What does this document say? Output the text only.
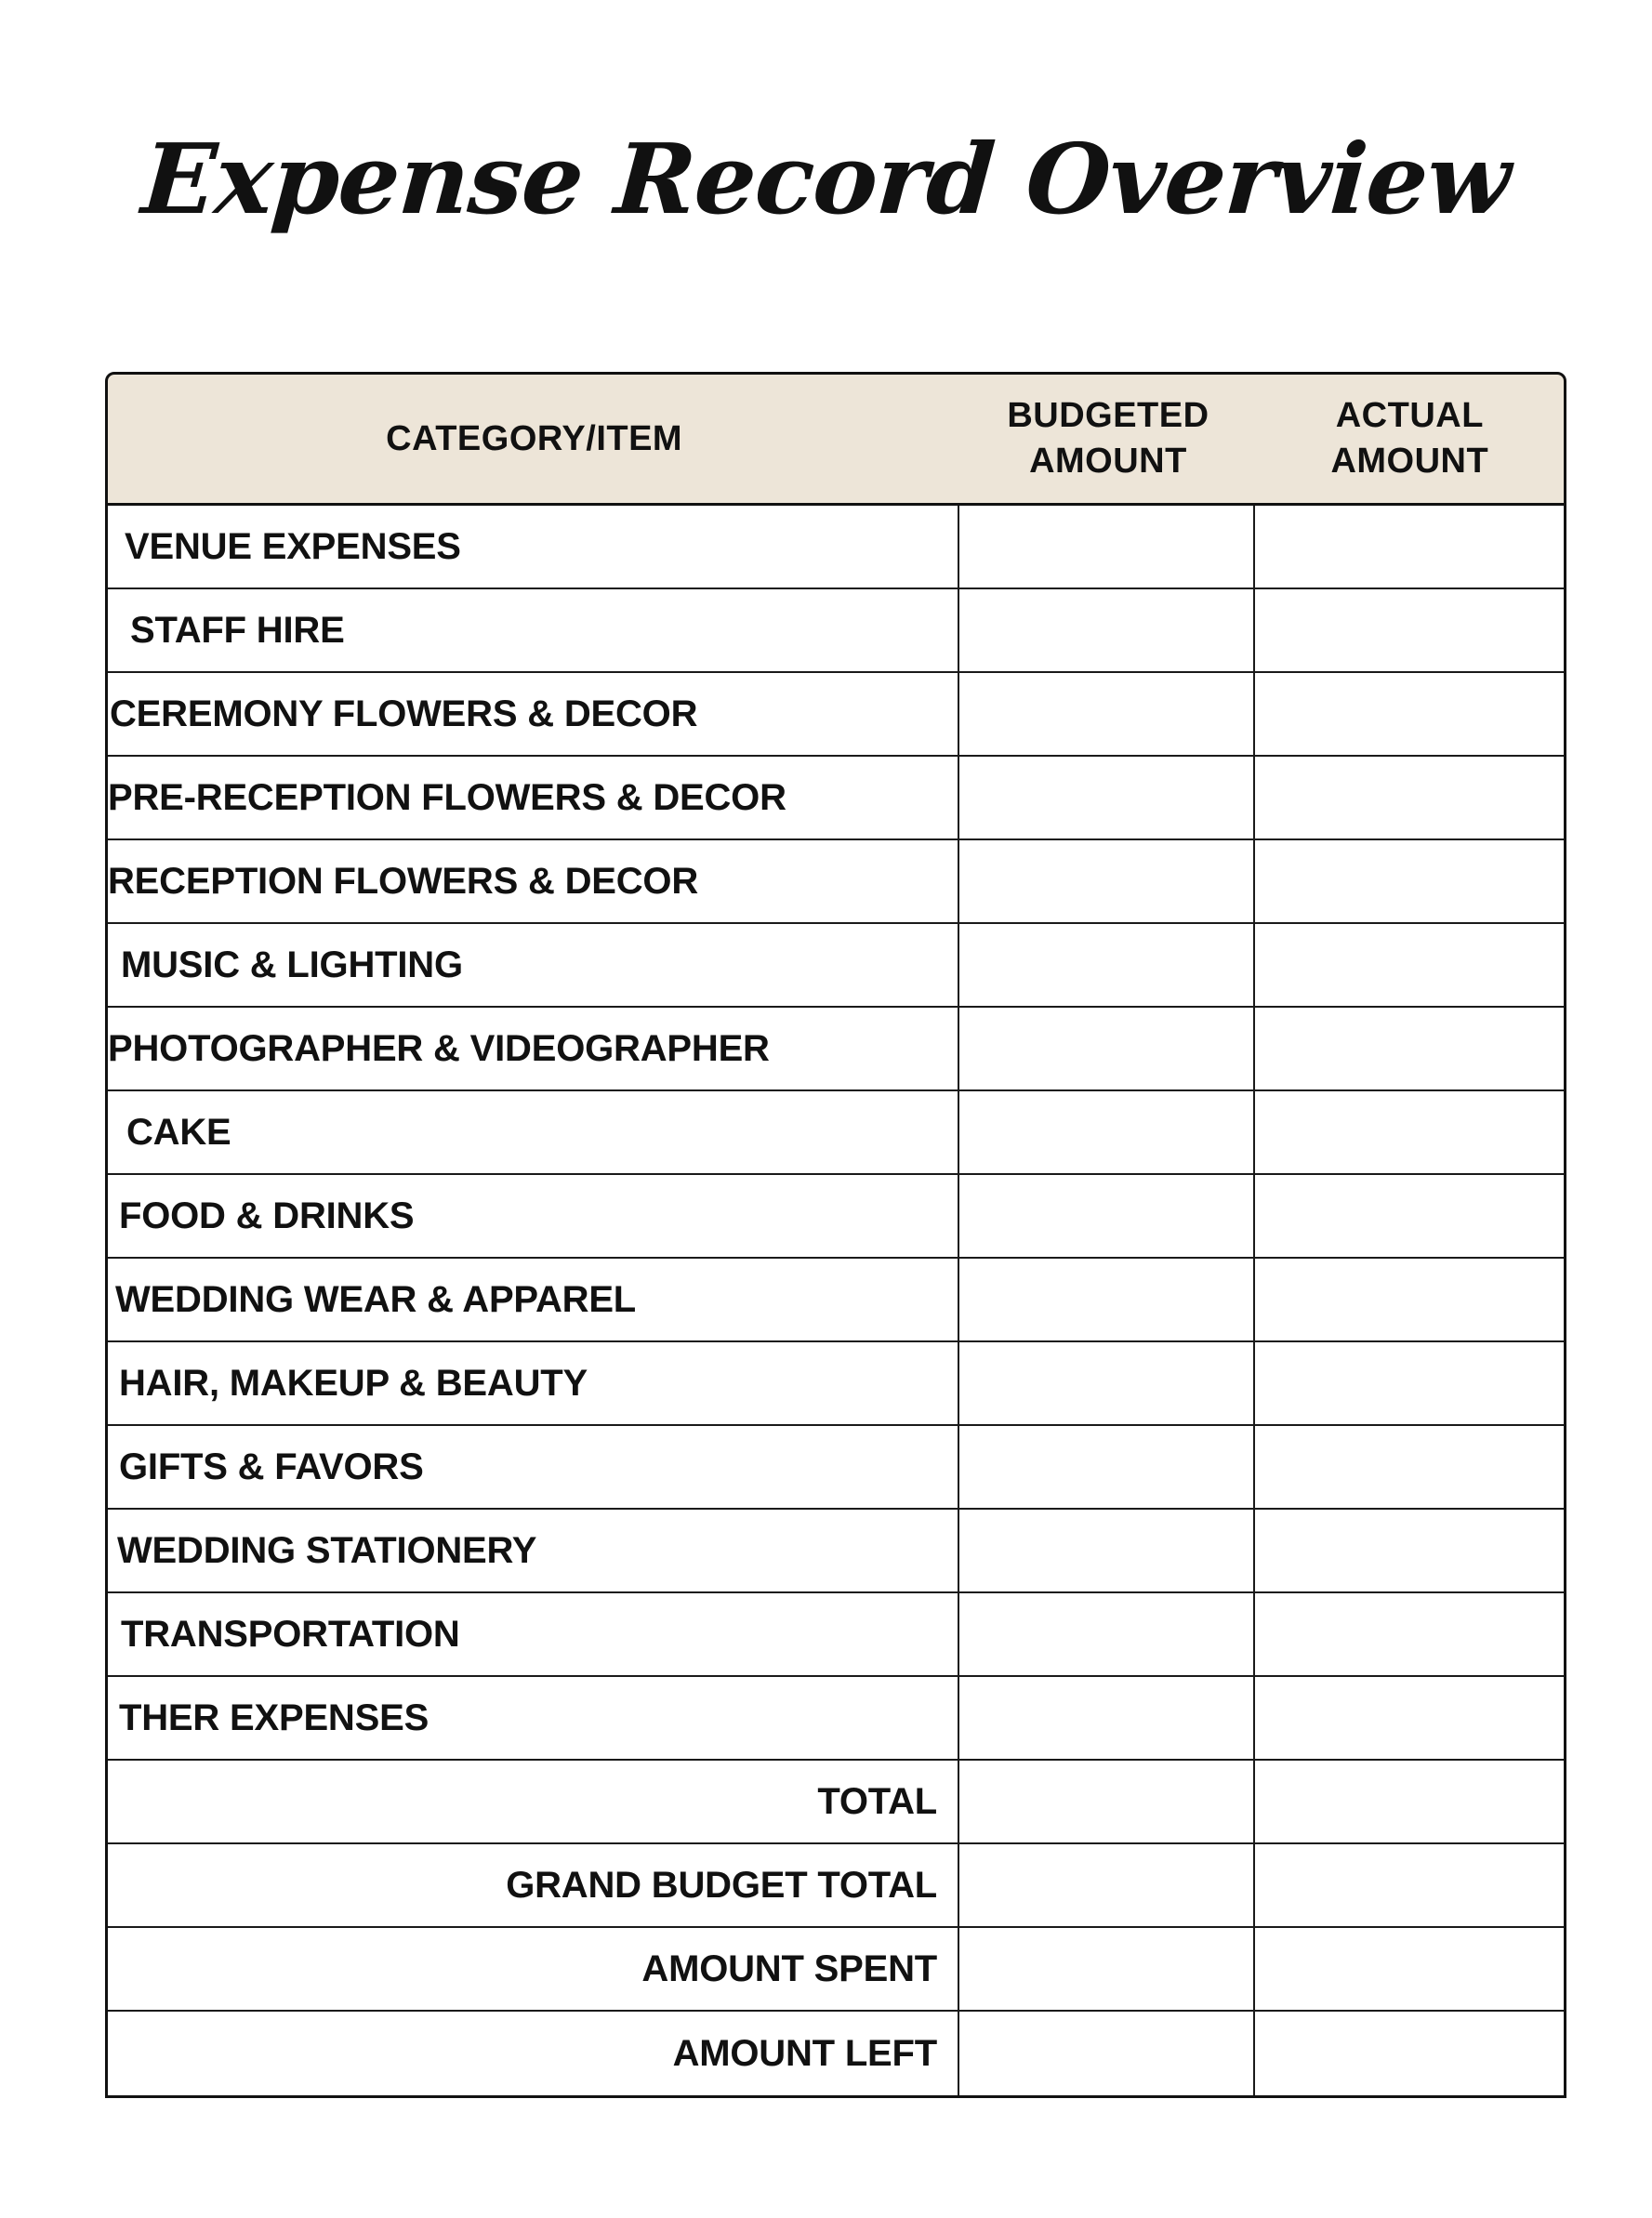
Expense Record Overview
CATEGORY/ITEM
BUDGETED
AMOUNT
ACTUAL
AMOUNT
VENUE EXPENSES
STAFF HIRE
CEREMONY FLOWERS & DECOR
PRE-RECEPTION FLOWERS & DECOR
RECEPTION FLOWERS & DECOR
MUSIC & LIGHTING
PHOTOGRAPHER & VIDEOGRAPHER
CAKE
FOOD & DRINKS
WEDDING WEAR & APPAREL
HAIR, MAKEUP & BEAUTY
GIFTS & FAVORS
WEDDING STATIONERY
TRANSPORTATION
THER EXPENSES
TOTAL
GRAND BUDGET TOTAL
AMOUNT SPENT
AMOUNT LEFT
